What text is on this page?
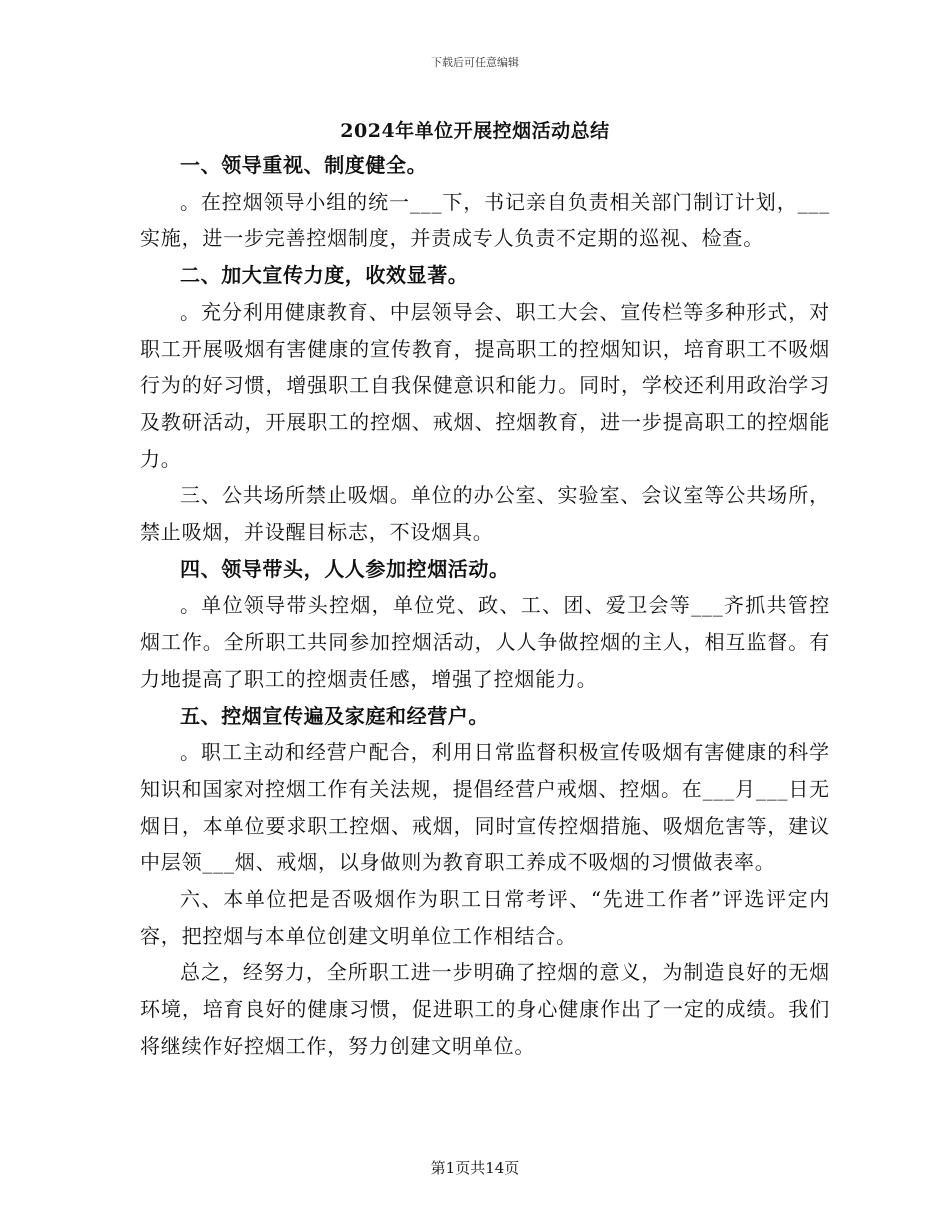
下载后可任意编辑
2024年单位开展控烟活动总结

一、领导重视、制度健全。

。在控烟领导小组的统一___下，书记亲自负责相关部门制订计划，___实施，进一步完善控烟制度，并责成专人负责不定期的巡视、检查。

二、加大宣传力度，收效显著。

。充分利用健康教育、中层领导会、职工大会、宣传栏等多种形式，对职工开展吸烟有害健康的宣传教育，提高职工的控烟知识，培育职工不吸烟行为的好习惯，增强职工自我保健意识和能力。同时，学校还利用政治学习及教研活动，开展职工的控烟、戒烟、控烟教育，进一步提高职工的控烟能力。

三、公共场所禁止吸烟。单位的办公室、实验室、会议室等公共场所，禁止吸烟，并设醒目标志，不设烟具。

四、领导带头，人人参加控烟活动。

。单位领导带头控烟，单位党、政、工、团、爱卫会等___齐抓共管控烟工作。全所职工共同参加控烟活动，人人争做控烟的主人，相互监督。有力地提高了职工的控烟责任感，增强了控烟能力。

五、控烟宣传遍及家庭和经营户。

。职工主动和经营户配合，利用日常监督积极宣传吸烟有害健康的科学知识和国家对控烟工作有关法规，提倡经营户戒烟、控烟。在___月___日无烟日，本单位要求职工控烟、戒烟，同时宣传控烟措施、吸烟危害等，建议中层领___烟、戒烟，以身做则为教育职工养成不吸烟的习惯做表率。

六、本单位把是否吸烟作为职工日常考评、“先进工作者”评选评定内容，把控烟与本单位创建文明单位工作相结合。

总之，经努力，全所职工进一步明确了控烟的意义，为制造良好的无烟环境，培育良好的健康习惯，促进职工的身心健康作出了一定的成绩。我们将继续作好控烟工作，努力创建文明单位。

第1页共14页
